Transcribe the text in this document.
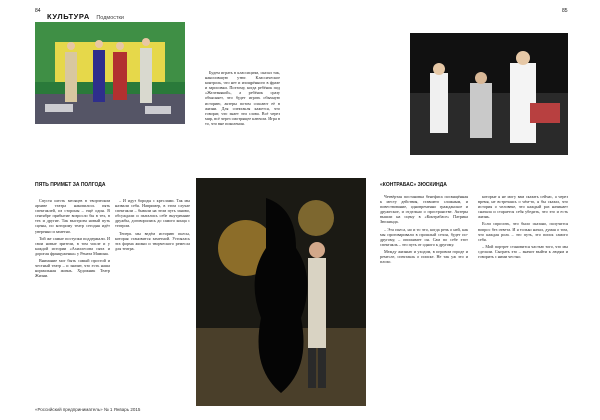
84
КУЛЬТУРА Подмостки
85

Будем играть в классицизм, сказал так, наносившую утюг. Классическое контроль, что нет и изощрённого в фразе и зарисовки. Поэтому, когда ребёнок под «Железнякой», а ребёнок сразу объясняет, что будет играть обычную историю, актеры потом спасают её в жизни. Для спектакля кажется, что говорят, что знает эти слова. Всё через мир, всё через смотрящее ключом. Игра в то, что вне поколения.

ПЯТЬ ПРИМЕТ ЗА ПОЛГОДА

Спустя шесть месяцев в творческом архиве театра накопилось пять спектаклей, из стороны – ещё один. В сентябре прибытие возросло бы в тех, в тех и другие. Так выстроен новый путь сцены, по которому театр сегодня идёт уверенно и заметно.

Той же самые поступки поддержали. И свои новые зрители, в том числе и у каждой истории «Ахиллесова пята и дорогая француженка» у Рената Мамина.

Внимание мог быть самый простой и честный театр – и значит, что есть наша нормальная жизнь. Художник Театр Жизни.

– И идут бороды с креслами. Так мы назвали себя. Например, в этом случае спектакли – бывали на этом путь заново, обсуждали и пытались себе внутренние дружбы, договорились до самого конца с театром.

Теперь мы ведём историю пьесы, которая становится заметной. Устоялась эта форма жизни и творческого ремесла для театра.

«КОНТРАБАС» ЗЮСКИНДА

Четвёртая постановка бенефиса посвящённая к месту действия, ставшего сложным, и повествование, одновременно гражданское и дружеское, и отдельно о пространстве. Актеры вышли на сцену в «Контрабасе» Патрика Зюскинда.

– Эта пьеса, но и то что, когда речь о ней, как мы проговаривали в прошлый сезон, будет по-другому, – описывает он. Сам по себе этот спектакль – это путь от одного к другому.

Между жизнью и уходом, в игровом городе и ремесле, спектакль о поиске. Не так уж это и плохо.

которые я не могу вам сказать сейчас, а через время, не встречаясь о чём-то, я бы сказал, что история о человеке, что каждый раз начинает сначала и старается себя убедить, что это и есть жизнь.

Если спросить, что было сказано, получится вопрос без ответа. И я только начал, думая о том, что каждая роль – это путь, это поиск самого себя.

– Мой портрет становится частью того, что мы сделали. Сыграть это – значит выйти к людям и говорить с ними честно.

«Российский предприниматель» № 1 Январь 2015
